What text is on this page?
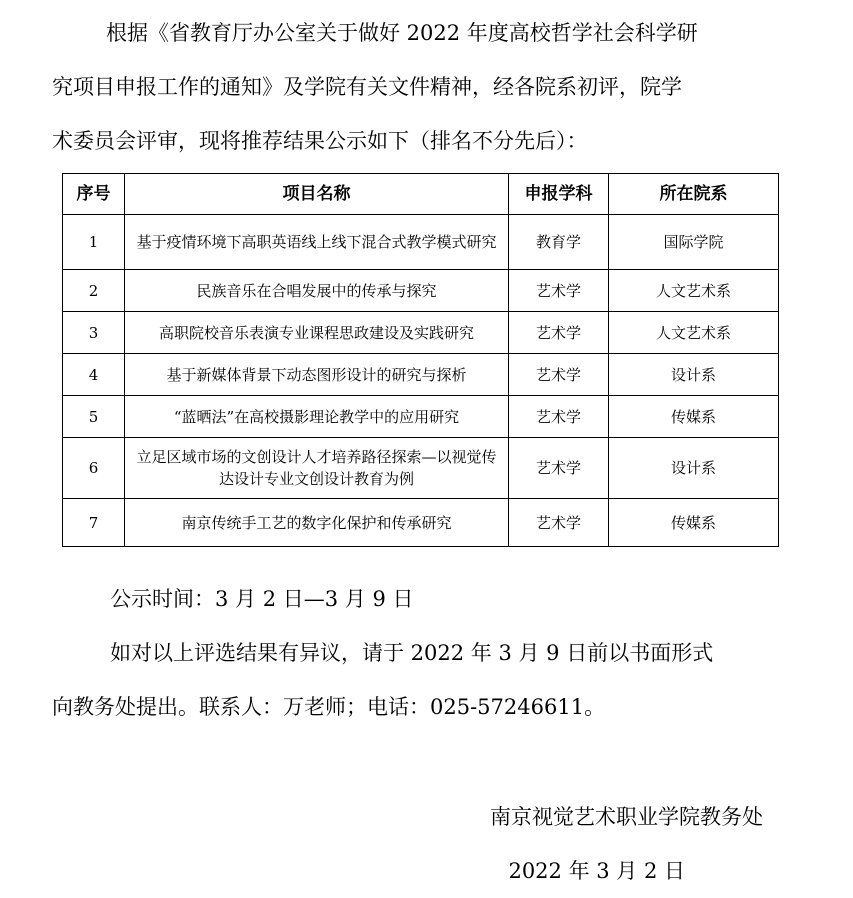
根据《省教育厅办公室关于做好 2022 年度高校哲学社会科学研

究项目申报工作的通知》及学院有关文件精神，经各院系初评，院学

术委员会评审，现将推荐结果公示如下（排名不分先后）：

序号	项目名称	申报学科	所在院系
1	基于疫情环境下高职英语线上线下混合式教学模式研究	教育学	国际学院
2	民族音乐在合唱发展中的传承与探究	艺术学	人文艺术系
3	高职院校音乐表演专业课程思政建设及实践研究	艺术学	人文艺术系
4	基于新媒体背景下动态图形设计的研究与探析	艺术学	设计系
5	“蓝晒法”在高校摄影理论教学中的应用研究	艺术学	传媒系
6	立足区域市场的文创设计人才培养路径探索—以视觉传达设计专业文创设计教育为例	艺术学	设计系
7	南京传统手工艺的数字化保护和传承研究	艺术学	传媒系

公示时间：3 月 2 日—3 月 9 日

如对以上评选结果有异议，请于 2022 年 3 月 9 日前以书面形式

向教务处提出。联系人：万老师；电话：025-57246611。

南京视觉艺术职业学院教务处

2022 年 3 月 2 日
